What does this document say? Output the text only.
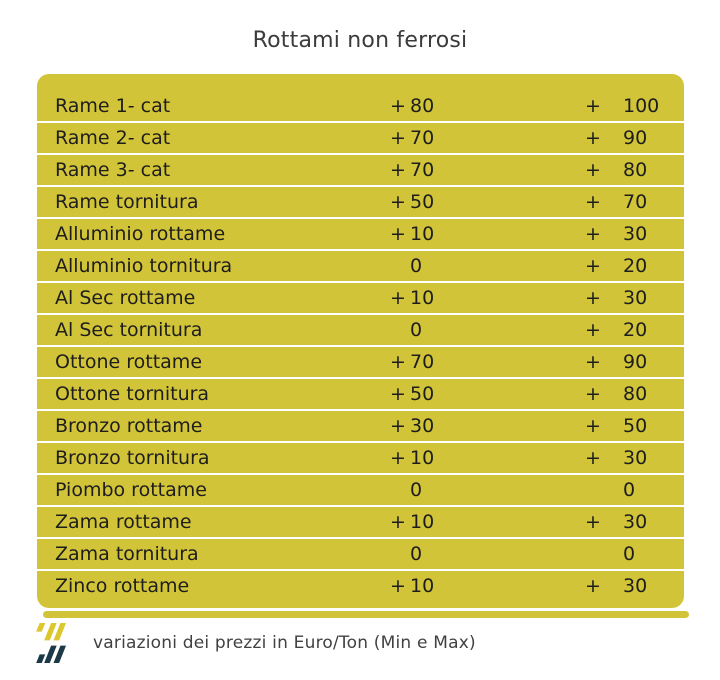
Rottami non ferrosi
Rame 1- cat	+ 80	+ 100
Rame 2- cat	+ 70	+ 90
Rame 3- cat	+ 70	+ 80
Rame tornitura	+ 50	+ 70
Alluminio rottame	+ 10	+ 30
Alluminio tornitura	0	+ 20
Al Sec rottame	+ 10	+ 30
Al Sec tornitura	0	+ 20
Ottone rottame	+ 70	+ 90
Ottone tornitura	+ 50	+ 80
Bronzo rottame	+ 30	+ 50
Bronzo tornitura	+ 10	+ 30
Piombo rottame	0	0
Zama rottame	+ 10	+ 30
Zama tornitura	0	0
Zinco rottame	+ 10	+ 30
variazioni dei prezzi in Euro/Ton (Min e Max)
